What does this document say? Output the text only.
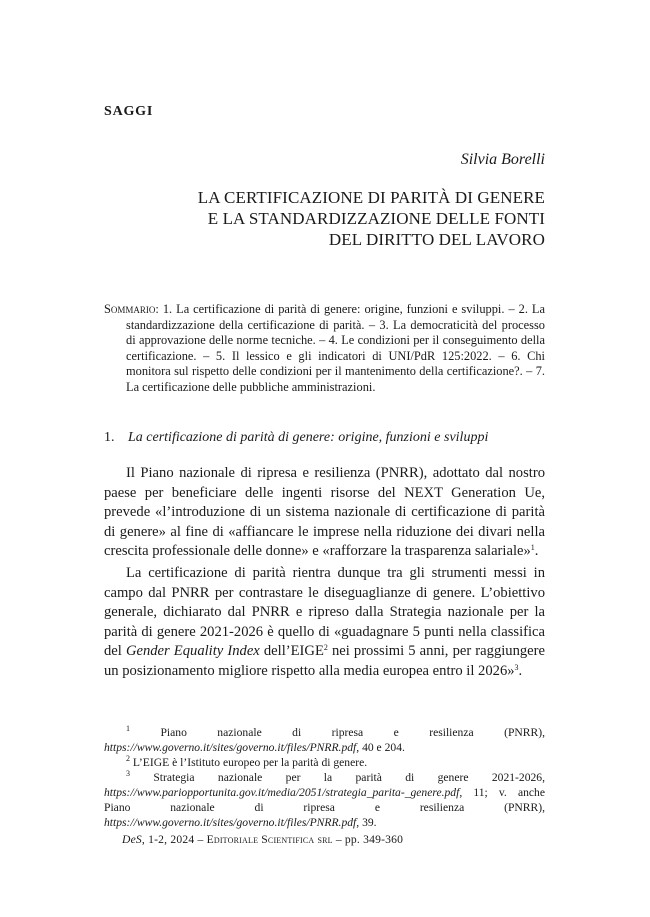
SAGGI
Silvia Borelli
LA CERTIFICAZIONE DI PARITÀ DI GENERE
E LA STANDARDIZZAZIONE DELLE FONTI
DEL DIRITTO DEL LAVORO
Sommario: 1. La certificazione di parità di genere: origine, funzioni e sviluppi. – 2. La standardizzazione della certificazione di parità. – 3. La democraticità del processo di approvazione delle norme tecniche. – 4. Le condizioni per il conseguimento della certificazione. – 5. Il lessico e gli indicatori di UNI/PdR 125:2022. – 6. Chi monitora sul rispetto delle condizioni per il mantenimento della certificazione?. – 7. La certificazione delle pubbliche amministrazioni.
1. La certificazione di parità di genere: origine, funzioni e sviluppi

Il Piano nazionale di ripresa e resilienza (PNRR), adottato dal nostro paese per beneficiare delle ingenti risorse del NEXT Generation Ue, prevede «l’introduzione di un sistema nazionale di certificazione di parità di genere» al fine di «affiancare le imprese nella riduzione dei divari nella crescita professionale delle donne» e «rafforzare la trasparenza salariale»$^1$.

La certificazione di parità rientra dunque tra gli strumenti messi in campo dal PNRR per contrastare le diseguaglianze di genere. L’obiettivo generale, dichiarato dal PNRR e ripreso dalla Strategia nazionale per la parità di genere 2021-2026 è quello di «guadagnare 5 punti nella classifica del Gender Equality Index dell’EIGE$^2$ nei prossimi 5 anni, per raggiungere un posizionamento migliore rispetto alla media europea entro il 2026»$^3$.

$^1$	Piano nazionale di ripresa e resilienza (PNRR), https://www.governo.it/sites/governo.it/files/PNRR.pdf, 40 e 204.

$^2$ L’EIGE è l’Istituto europeo per la parità di genere.

$^3$ Strategia nazionale per la parità di genere 2021-2026, https://www.pariopportunita.gov.it/media/2051/strategia_parita-_genere.pdf, 11; v. anche Piano nazionale di ripresa e resilienza (PNRR), https://www.governo.it/sites/governo.it/files/PNRR.pdf, 39.

DeS, 1-2, 2024 – Editoriale Scientifica srl – pp. 349-360
